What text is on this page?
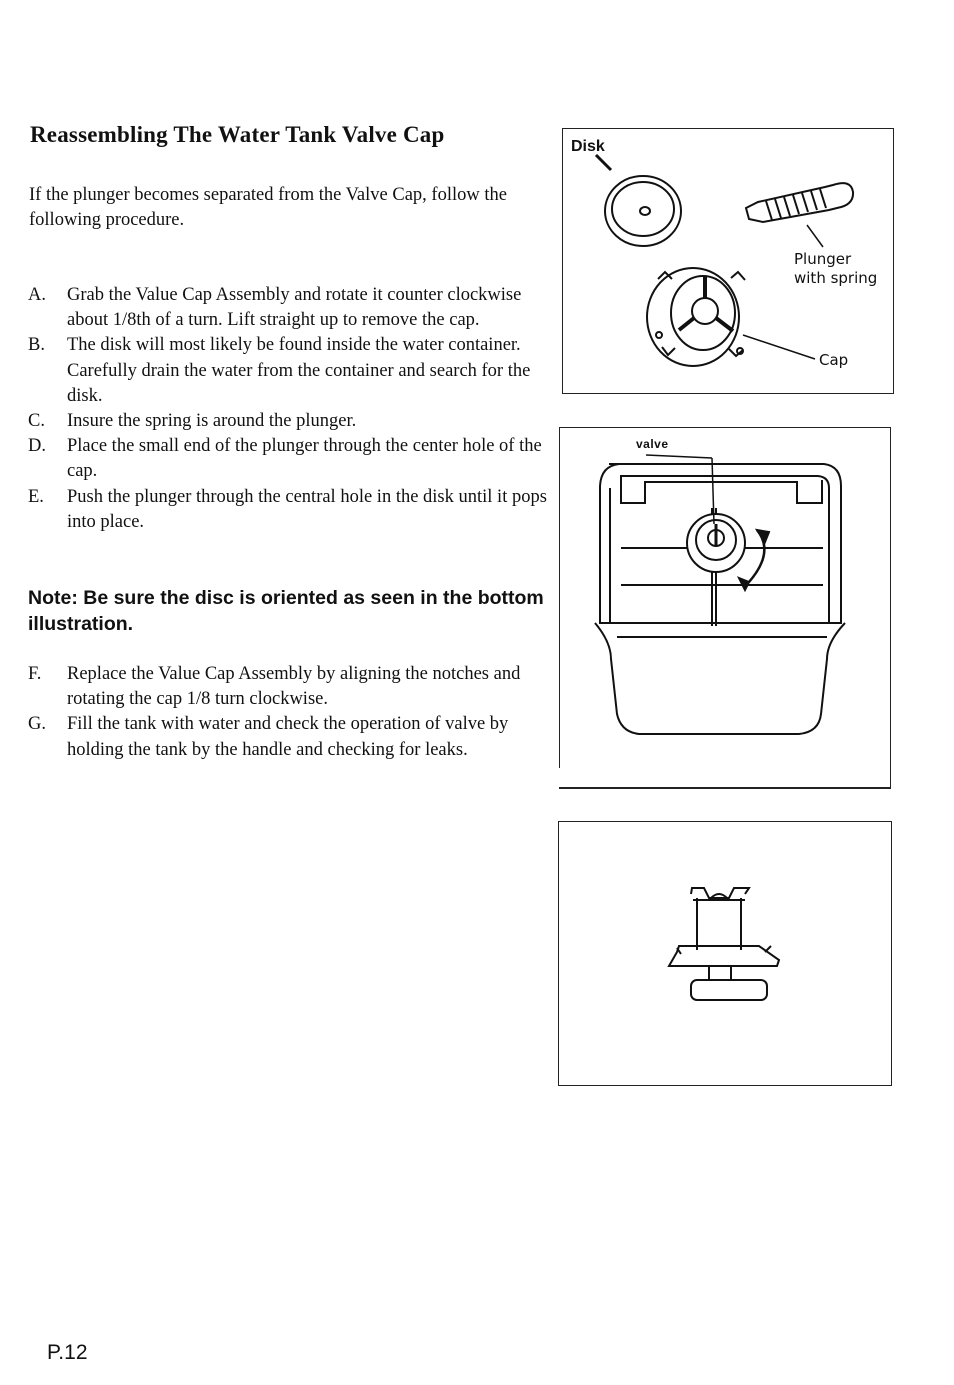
Reassembling The Water Tank Valve Cap
If the plunger becomes separated from the Valve Cap, follow the following procedure.
A.	Grab the Value Cap Assembly and rotate it counter clockwise about 1/8th of a turn. Lift straight up to remove the cap.
B.	The disk will most likely be found inside the water container. Carefully drain the water from the container and search for the disk.
C.	Insure the spring is around the plunger.
D.	Place the small end of the plunger through the center hole of the cap.
E.	Push the plunger through the central hole in the disk until it pops into place.
Note: Be sure the disc is oriented as seen in the bottom illustration.
F.	Replace the Value Cap Assembly by aligning the notches and rotating the cap 1/8 turn clockwise.
G.	Fill the tank with water and check the operation of valve by holding the tank by the handle and checking for leaks.
Disk
Plunger
with spring
Cap
valve
P.12
